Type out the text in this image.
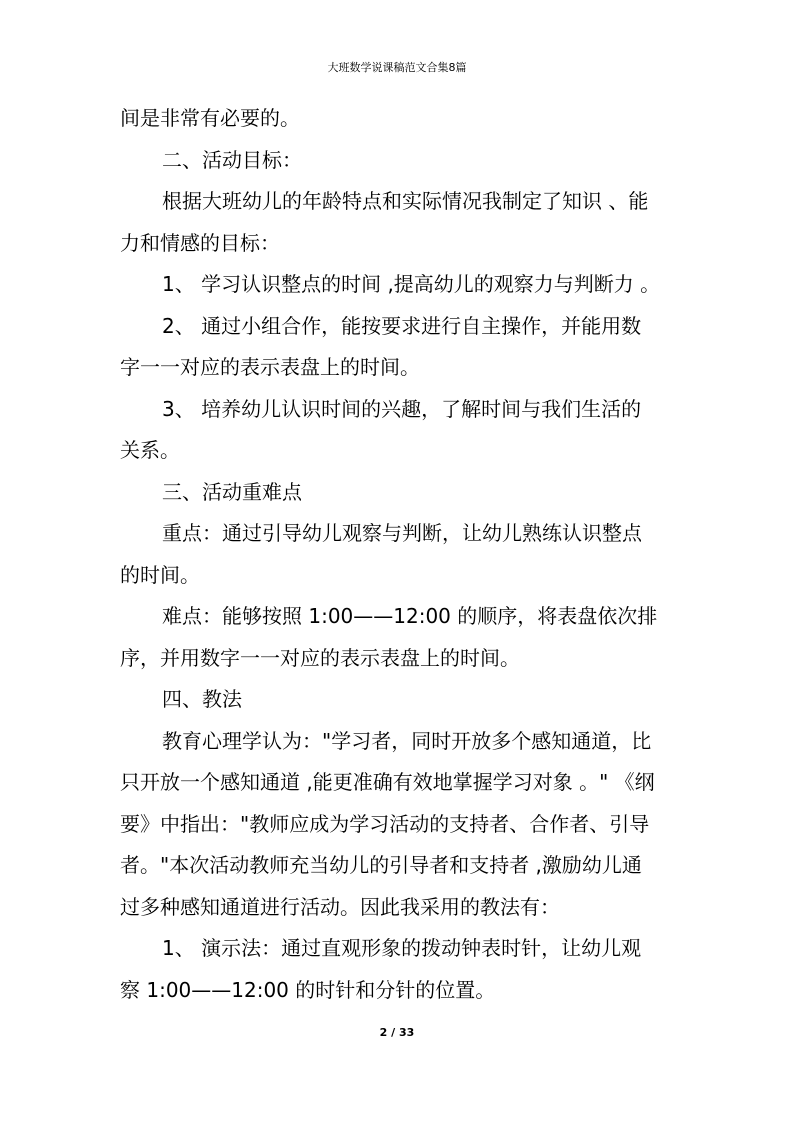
大班数学说课稿范文合集8篇
间是非常有必要的。
二、活动目标：
根据大班幼儿的年龄特点和实际情况我制定了知识 、能
力和情感的目标：
1、 学习认识整点的时间 ,提高幼儿的观察力与判断力 。
2、 通过小组合作，能按要求进行自主操作，并能用数
字一一对应的表示表盘上的时间。
3、 培养幼儿认识时间的兴趣，了解时间与我们生活的
关系。
三、活动重难点
重点：通过引导幼儿观察与判断，让幼儿熟练认识整点
的时间。
难点：能够按照 1:00——12:00 的顺序，将表盘依次排
序，并用数字一一对应的表示表盘上的时间。
四、教法
教育心理学认为："学习者，同时开放多个感知通道，比
只开放一个感知通道 ,能更准确有效地掌握学习对象 。" 《纲
要》中指出："教师应成为学习活动的支持者、合作者、引导
者。"本次活动教师充当幼儿的引导者和支持者 ,激励幼儿通
过多种感知通道进行活动。因此我采用的教法有：
1、 演示法：通过直观形象的拨动钟表时针，让幼儿观
察 1:00——12:00 的时针和分针的位置。
2 / 33
